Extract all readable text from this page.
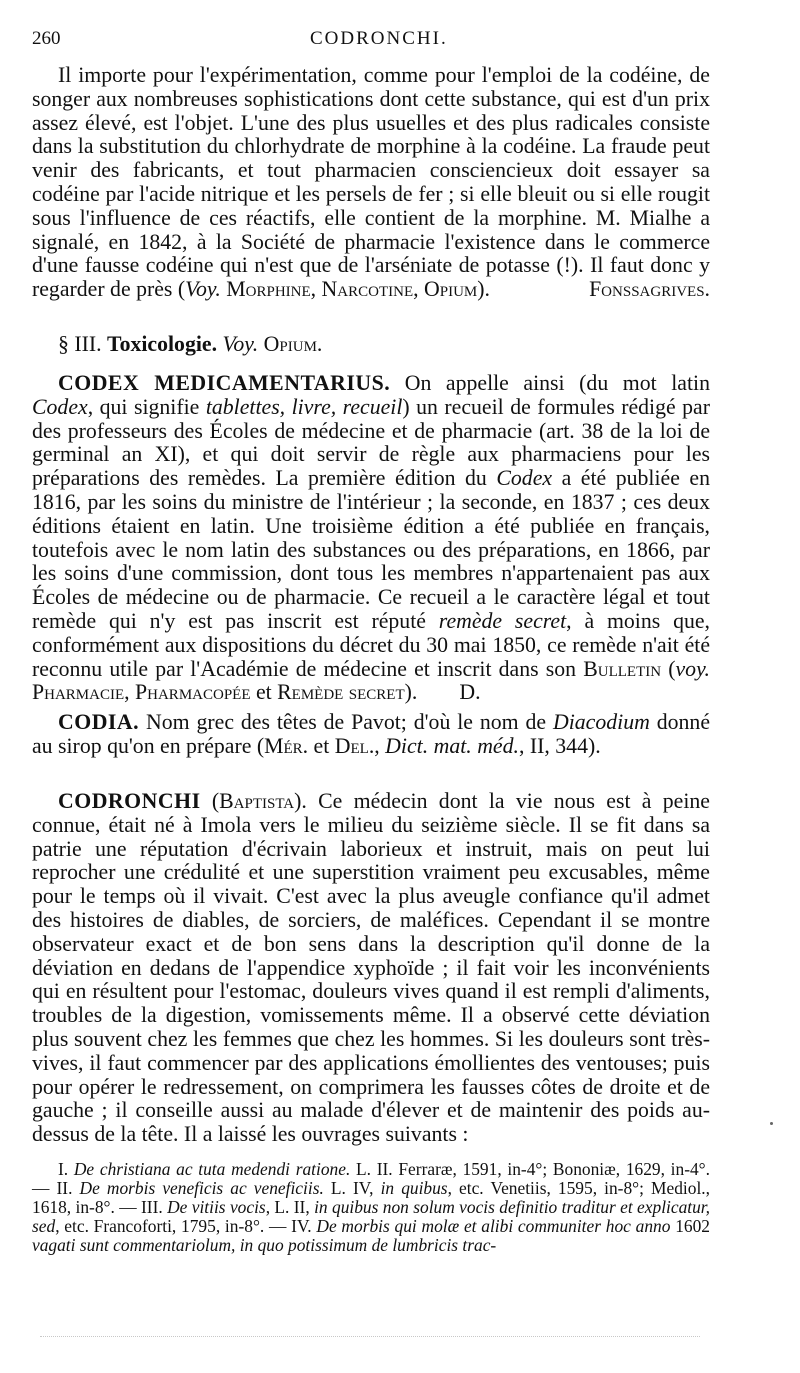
260	CODRONCHI.

Il importe pour l'expérimentation, comme pour l'emploi de la codéine, de songer aux nombreuses sophistications dont cette substance, qui est d'un prix assez élevé, est l'objet. L'une des plus usuelles et des plus radicales consiste dans la substitution du chlorhydrate de morphine à la codéine. La fraude peut venir des fabricants, et tout pharmacien consciencieux doit essayer sa codéine par l'acide nitrique et les persels de fer ; si elle bleuit ou si elle rougit sous l'influence de ces réactifs, elle contient de la morphine. M. Mialhe a signalé, en 1842, à la Société de pharmacie l'existence dans le commerce d'une fausse codéine qui n'est que de l'arséniate de potasse (!). Il faut donc y regarder de près (Voy. Morphine, Narcotine, Opium).	Fonssagrives.

§ III. Toxicologie. Voy. Opium.

CODEX MEDICAMENTARIUS. On appelle ainsi (du mot latin Codex, qui signifie tablettes, livre, recueil) un recueil de formules rédigé par des professeurs des Écoles de médecine et de pharmacie (art. 38 de la loi de germinal an XI), et qui doit servir de règle aux pharmaciens pour les préparations des remèdes. La première édition du Codex a été publiée en 1816, par les soins du ministre de l'intérieur ; la seconde, en 1837 ; ces deux éditions étaient en latin. Une troisième édition a été publiée en français, toutefois avec le nom latin des substances ou des préparations, en 1866, par les soins d'une commission, dont tous les membres n'appartenaient pas aux Écoles de médecine ou de pharmacie. Ce recueil a le caractère légal et tout remède qui n'y est pas inscrit est réputé remède secret, à moins que, conformément aux dispositions du décret du 30 mai 1850, ce remède n'ait été reconnu utile par l'Académie de médecine et inscrit dans son Bulletin (voy. Pharmacie, Pharmacopée et Remède secret). D.

CODIA. Nom grec des têtes de Pavot; d'où le nom de Diacodium donné au sirop qu'on en prépare (Mér. et Del., Dict. mat. méd., II, 344).

CODRONCHI (Baptista). Ce médecin dont la vie nous est à peine connue, était né à Imola vers le milieu du seizième siècle. Il se fit dans sa patrie une réputation d'écrivain laborieux et instruit, mais on peut lui reprocher une crédulité et une superstition vraiment peu excusables, même pour le temps où il vivait. C'est avec la plus aveugle confiance qu'il admet des histoires de diables, de sorciers, de maléfices. Cependant il se montre observateur exact et de bon sens dans la description qu'il donne de la déviation en dedans de l'appendice xyphoïde ; il fait voir les inconvénients qui en résultent pour l'estomac, douleurs vives quand il est rempli d'aliments, troubles de la digestion, vomissements même. Il a observé cette déviation plus souvent chez les femmes que chez les hommes. Si les douleurs sont très-vives, il faut commencer par des applications émollientes des ventouses; puis pour opérer le redressement, on comprimera les fausses côtes de droite et de gauche ; il conseille aussi au malade d'élever et de maintenir des poids au-dessus de la tête. Il a laissé les ouvrages suivants :

I. De christiana ac tuta medendi ratione. L. II. Ferraræ, 1591, in-4°; Bononiæ, 1629, in-4°. — II. De morbis veneficis ac veneficiis. L. IV, in quibus, etc. Venetiis, 1595, in-8°; Mediol., 1618, in-8°. — III. De vitiis vocis, L. II, in quibus non solum vocis definitio traditur et explicatur, sed, etc. Francoforti, 1795, in-8°. — IV. De morbis qui molæ et alibi communiter hoc anno 1602 vagati sunt commentariolum, in quo potissimum de lumbricis trac-
